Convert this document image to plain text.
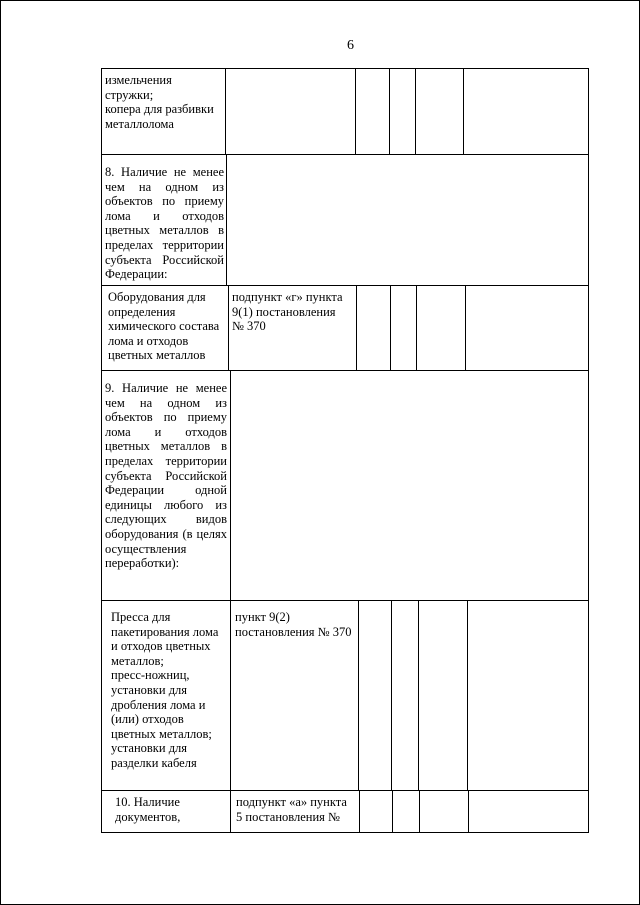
6
измельчения
стружки;
копера для разбивки
металлолома
8. Наличие не менее чем на одном из объектов по приему лома и отходов цветных металлов в пределах территории субъекта Российской Федерации:
Оборудования для
определения
химического состава
лома и отходов
цветных металлов
подпункт «г» пункта
9(1) постановления
№ 370
9. Наличие не менее чем на одном из объектов по приему лома и отходов цветных металлов в пределах территории субъекта Российской Федерации одной единицы любого из следующих видов оборудования (в целях осуществления переработки):
Пресса для
пакетирования лома
и отходов цветных
металлов;
пресс-ножниц,
установки для
дробления лома и
(или) отходов
цветных металлов;
установки для
разделки кабеля
пункт 9(2)
постановления № 370
10. Наличие
документов,
подпункт «а» пункта
5 постановления №
